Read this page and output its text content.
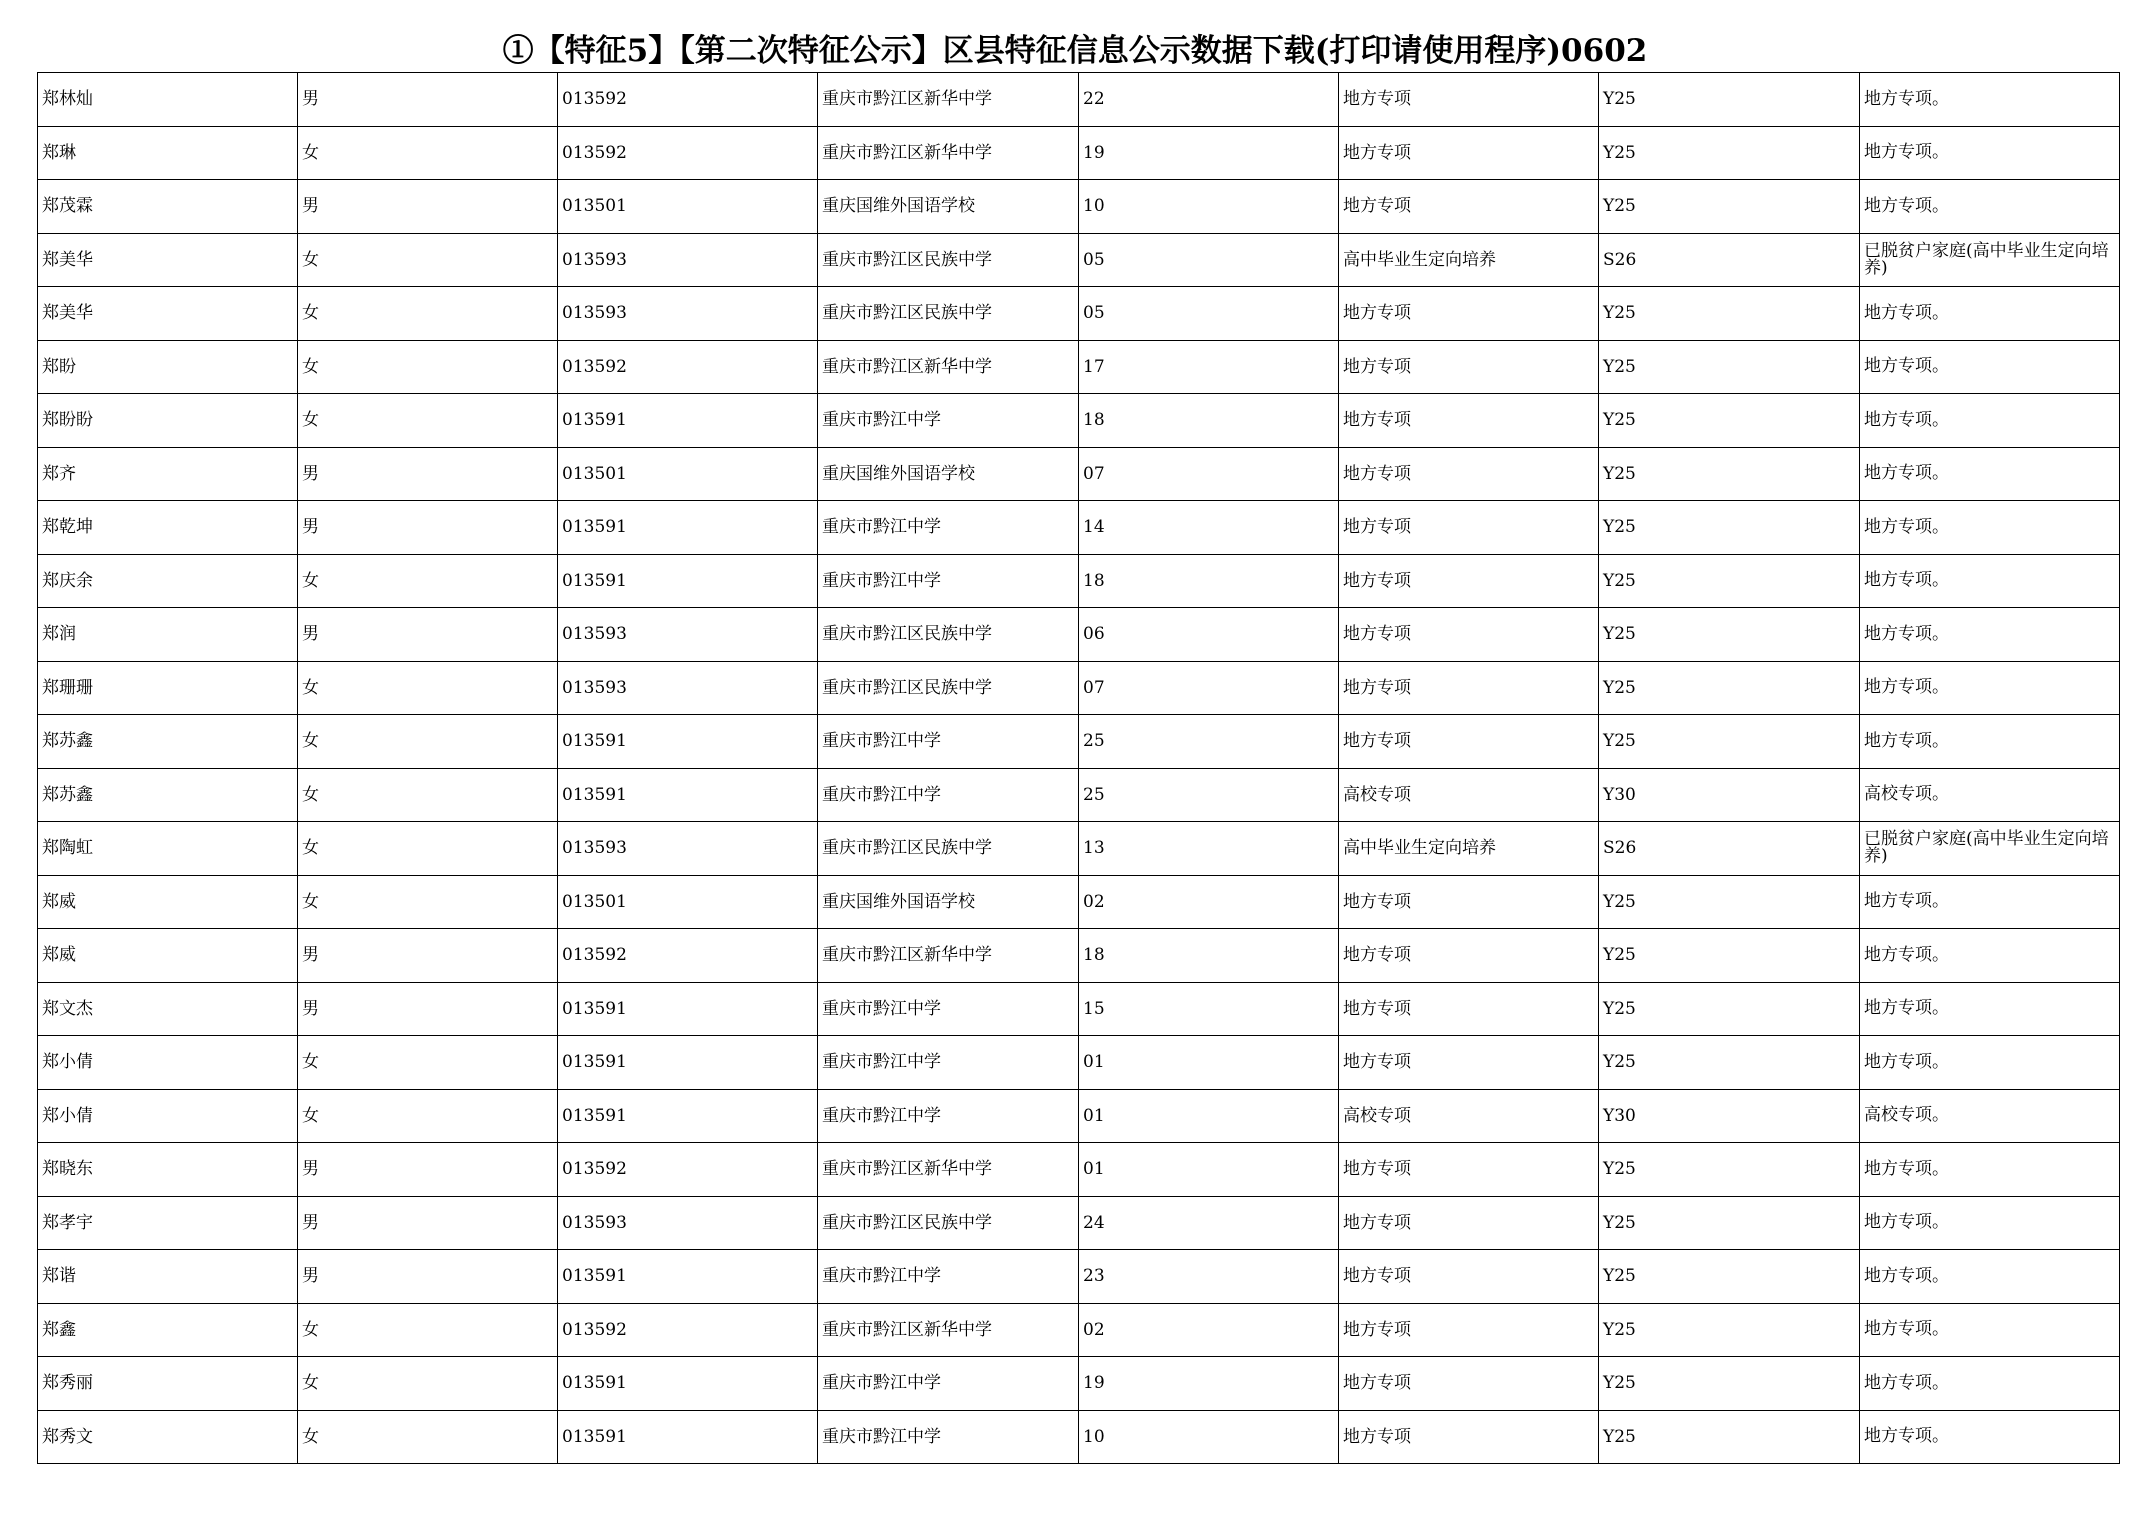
①【特征5】【第二次特征公示】区县特征信息公示数据下载(打印请使用程序)0602
郑林灿	男	013592	重庆市黔江区新华中学	22	地方专项	Y25	地方专项。
郑琳	女	013592	重庆市黔江区新华中学	19	地方专项	Y25	地方专项。
郑茂霖	男	013501	重庆国维外国语学校	10	地方专项	Y25	地方专项。
郑美华	女	013593	重庆市黔江区民族中学	05	高中毕业生定向培养	S26	已脱贫户家庭(高中毕业生定向培养)
郑美华	女	013593	重庆市黔江区民族中学	05	地方专项	Y25	地方专项。
郑盼	女	013592	重庆市黔江区新华中学	17	地方专项	Y25	地方专项。
郑盼盼	女	013591	重庆市黔江中学	18	地方专项	Y25	地方专项。
郑齐	男	013501	重庆国维外国语学校	07	地方专项	Y25	地方专项。
郑乾坤	男	013591	重庆市黔江中学	14	地方专项	Y25	地方专项。
郑庆余	女	013591	重庆市黔江中学	18	地方专项	Y25	地方专项。
郑润	男	013593	重庆市黔江区民族中学	06	地方专项	Y25	地方专项。
郑珊珊	女	013593	重庆市黔江区民族中学	07	地方专项	Y25	地方专项。
郑苏鑫	女	013591	重庆市黔江中学	25	地方专项	Y25	地方专项。
郑苏鑫	女	013591	重庆市黔江中学	25	高校专项	Y30	高校专项。
郑陶虹	女	013593	重庆市黔江区民族中学	13	高中毕业生定向培养	S26	已脱贫户家庭(高中毕业生定向培养)
郑威	女	013501	重庆国维外国语学校	02	地方专项	Y25	地方专项。
郑威	男	013592	重庆市黔江区新华中学	18	地方专项	Y25	地方专项。
郑文杰	男	013591	重庆市黔江中学	15	地方专项	Y25	地方专项。
郑小倩	女	013591	重庆市黔江中学	01	地方专项	Y25	地方专项。
郑小倩	女	013591	重庆市黔江中学	01	高校专项	Y30	高校专项。
郑晓东	男	013592	重庆市黔江区新华中学	01	地方专项	Y25	地方专项。
郑孝宇	男	013593	重庆市黔江区民族中学	24	地方专项	Y25	地方专项。
郑谐	男	013591	重庆市黔江中学	23	地方专项	Y25	地方专项。
郑鑫	女	013592	重庆市黔江区新华中学	02	地方专项	Y25	地方专项。
郑秀丽	女	013591	重庆市黔江中学	19	地方专项	Y25	地方专项。
郑秀文	女	013591	重庆市黔江中学	10	地方专项	Y25	地方专项。
